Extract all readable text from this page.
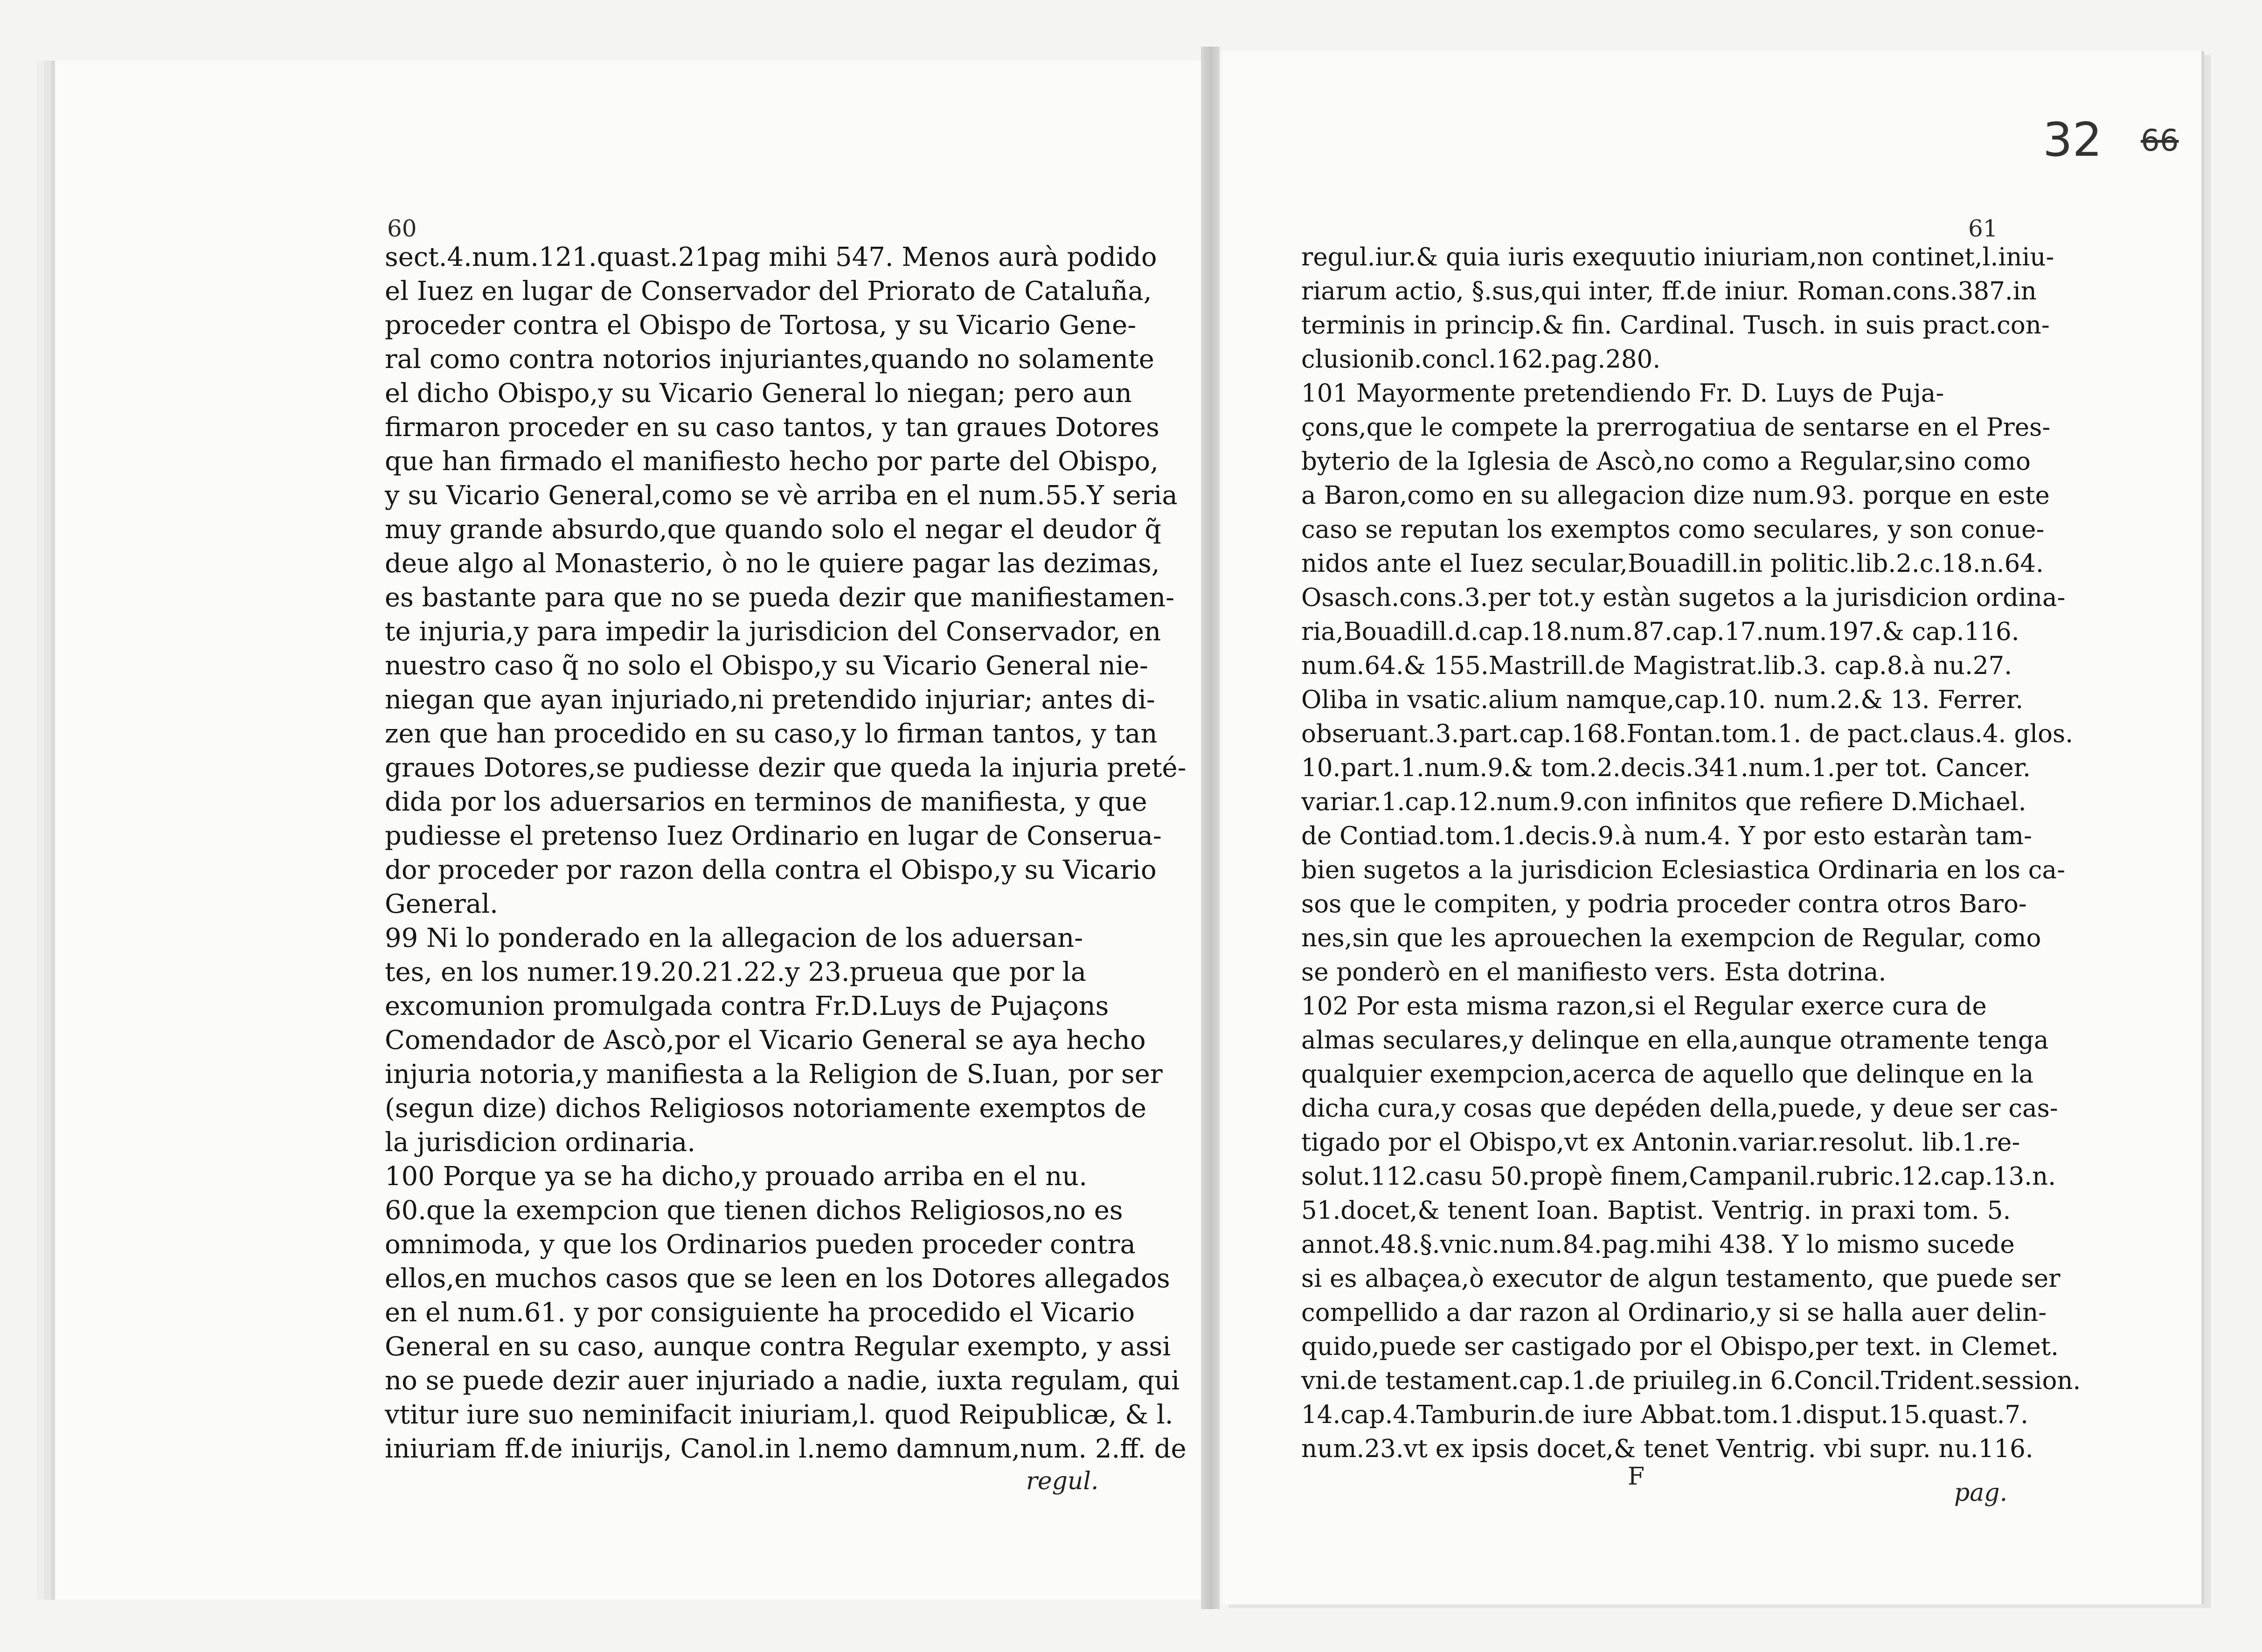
32 66
60
sect.4.num.121.quast.21pag mihi 547. Menos aurà podido
el Iuez en lugar de Conservador del Priorato de Cataluña,
proceder contra el Obispo de Tortosa, y su Vicario Gene-
ral como contra notorios injuriantes,quando no solamente
el dicho Obispo,y su Vicario General lo niegan; pero aun
firmaron proceder en su caso tantos, y tan graues Dotores
que han firmado el manifiesto hecho por parte del Obispo,
y su Vicario General,como se vè arriba en el num.55.Y seria
muy grande absurdo,que quando solo el negar el deudor q̃
deue algo al Monasterio, ò no le quiere pagar las dezimas,
es bastante para que no se pueda dezir que manifiestamen-
te injuria,y para impedir la jurisdicion del Conservador, en
nuestro caso q̃ no solo el Obispo,y su Vicario General nie-
niegan que ayan injuriado,ni pretendido injuriar; antes di-
zen que han procedido en su caso,y lo firman tantos, y tan
graues Dotores,se pudiesse dezir que queda la injuria preté-
dida por los aduersarios en terminos de manifiesta, y que
pudiesse el pretenso Iuez Ordinario en lugar de Conserua-
dor proceder por razon della contra el Obispo,y su Vicario
General.
99 Ni lo ponderado en la allegacion de los aduersan-
tes, en los numer.19.20.21.22.y 23.prueua que por la
excomunion promulgada contra Fr.D.Luys de Pujaçons
Comendador de Ascò,por el Vicario General se aya hecho
injuria notoria,y manifiesta a la Religion de S.Iuan, por ser
(segun dize) dichos Religiosos notoriamente exemptos de
la jurisdicion ordinaria.
100 Porque ya se ha dicho,y prouado arriba en el nu.
60.que la exempcion que tienen dichos Religiosos,no es
omnimoda, y que los Ordinarios pueden proceder contra
ellos,en muchos casos que se leen en los Dotores allegados
en el num.61. y por consiguiente ha procedido el Vicario
General en su caso, aunque contra Regular exempto, y assi
no se puede dezir auer injuriado a nadie, iuxta regulam, qui
vtitur iure suo neminifacit iniuriam,l. quod Reipublicæ, & l.
iniuriam ff.de iniurijs, Canol.in l.nemo damnum,num. 2.ff. de
regul.
61
regul.iur.& quia iuris exequutio iniuriam,non continet,l.iniu-
riarum actio, §.sus,qui inter, ff.de iniur. Roman.cons.387.in
terminis in princip.& fin. Cardinal. Tusch. in suis pract.con-
clusionib.concl.162.pag.280.
101 Mayormente pretendiendo Fr. D. Luys de Puja-
çons,que le compete la prerrogatiua de sentarse en el Pres-
byterio de la Iglesia de Ascò,no como a Regular,sino como
a Baron,como en su allegacion dize num.93. porque en este
caso se reputan los exemptos como seculares, y son conue-
nidos ante el Iuez secular,Bouadill.in politic.lib.2.c.18.n.64.
Osasch.cons.3.per tot.y estàn sugetos a la jurisdicion ordina-
ria,Bouadill.d.cap.18.num.87.cap.17.num.197.& cap.116.
num.64.& 155.Mastrill.de Magistrat.lib.3. cap.8.à nu.27.
Oliba in vsatic.alium namque,cap.10. num.2.& 13. Ferrer.
obseruant.3.part.cap.168.Fontan.tom.1. de pact.claus.4. glos.
10.part.1.num.9.& tom.2.decis.341.num.1.per tot. Cancer.
variar.1.cap.12.num.9.con infinitos que refiere D.Michael.
de Contiad.tom.1.decis.9.à num.4. Y por esto estaràn tam-
bien sugetos a la jurisdicion Eclesiastica Ordinaria en los ca-
sos que le compiten, y podria proceder contra otros Baro-
nes,sin que les aprouechen la exempcion de Regular, como
se ponderò en el manifiesto vers. Esta dotrina.
102 Por esta misma razon,si el Regular exerce cura de
almas seculares,y delinque en ella,aunque otramente tenga
qualquier exempcion,acerca de aquello que delinque en la
dicha cura,y cosas que depéden della,puede, y deue ser cas-
tigado por el Obispo,vt ex Antonin.variar.resolut. lib.1.re-
solut.112.casu 50.propè finem,Campanil.rubric.12.cap.13.n.
51.docet,& tenent Ioan. Baptist. Ventrig. in praxi tom. 5.
annot.48.§.vnic.num.84.pag.mihi 438. Y lo mismo sucede
si es albaçea,ò executor de algun testamento, que puede ser
compellido a dar razon al Ordinario,y si se halla auer delin-
quido,puede ser castigado por el Obispo,per text. in Clemet.
vni.de testament.cap.1.de priuileg.in 6.Concil.Trident.session.
14.cap.4.Tamburin.de iure Abbat.tom.1.disput.15.quast.7.
num.23.vt ex ipsis docet,& tenet Ventrig. vbi supr. nu.116.
F
pag.
